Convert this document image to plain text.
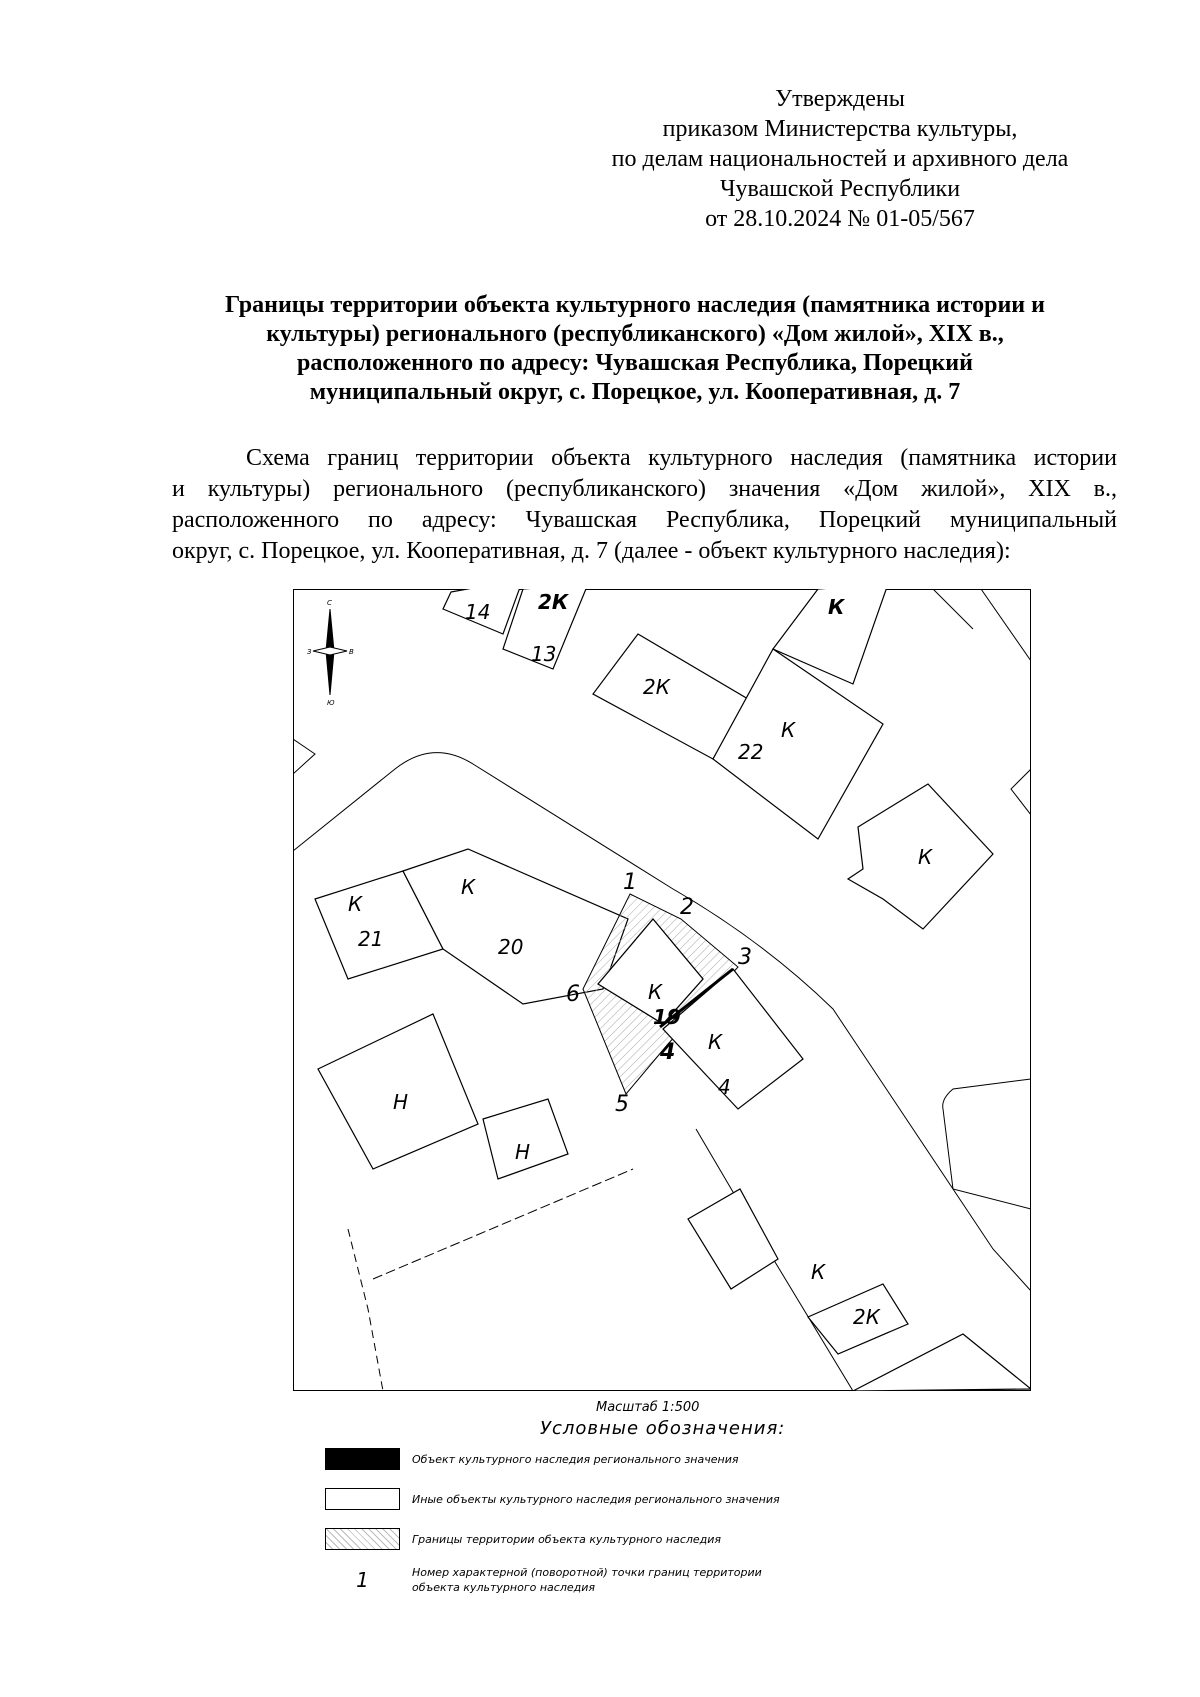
Утверждены
приказом Министерства культуры,
по делам национальностей и архивного дела
Чувашской Республики
от 28.10.2024 № 01-05/567
Границы территории объекта культурного наследия (памятника истории и
культуры) регионального (республиканского) «Дом жилой», XIX в.,
расположенного по адресу: Чувашская Республика, Порецкий
муниципальный округ, с. Порецкое, ул. Кооперативная, д. 7
Схема границ территории объекта культурного наследия (памятника истории
и культуры) регионального (республиканского) значения «Дом жилой», XIX в.,
расположенного по адресу: Чувашская Республика, Порецкий муниципальный
округ, с. Порецкое, ул. Кооперативная, д. 7 (далее - объект культурного наследия):
С
З	В
Ю
14 2К
13
К
2К
К
22
К
К
21
К
20
К
19
К
4
Н
Н
К
2К
1
2
3
4
5
6
Масштаб 1:500
Условные обозначения:
Объект культурного наследия регионального значения
Иные объекты культурного наследия регионального значения
Границы территории объекта культурного наследия
1	Номер характерной (поворотной) точки границ территории
объекта культурного наследия
